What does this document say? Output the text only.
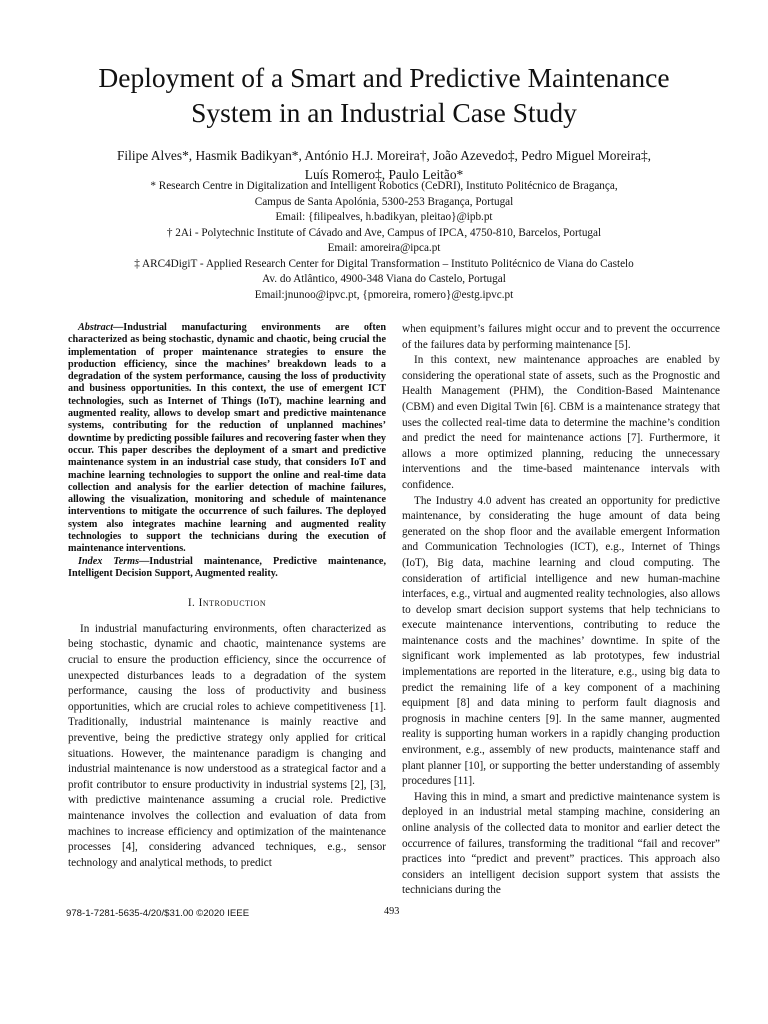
Deployment of a Smart and Predictive Maintenance
System in an Industrial Case Study
Filipe Alves*, Hasmik Badikyan*, António H.J. Moreira†, João Azevedo‡, Pedro Miguel Moreira‡,
Luís Romero‡, Paulo Leitão*
* Research Centre in Digitalization and Intelligent Robotics (CeDRI), Instituto Politécnico de Bragança,
Campus de Santa Apolónia, 5300-253 Bragança, Portugal
Email: {filipealves, h.badikyan, pleitao}@ipb.pt
† 2Ai - Polytechnic Institute of Cávado and Ave, Campus of IPCA, 4750-810, Barcelos, Portugal
Email: amoreira@ipca.pt
‡ ARC4DigiT - Applied Research Center for Digital Transformation – Instituto Politécnico de Viana do Castelo
Av. do Atlântico, 4900-348 Viana do Castelo, Portugal
Email:jnunoo@ipvc.pt, {pmoreira, romero}@estg.ipvc.pt

Abstract—Industrial manufacturing environments are often characterized as being stochastic, dynamic and chaotic, being crucial the implementation of proper maintenance strategies to ensure the production efficiency, since the machines’ breakdown leads to a degradation of the system performance, causing the loss of productivity and business opportunities. In this context, the use of emergent ICT technologies, such as Internet of Things (IoT), machine learning and augmented reality, allows to develop smart and predictive maintenance systems, contributing for the reduction of unplanned machines’ downtime by predicting possible failures and recovering faster when they occur. This paper describes the deployment of a smart and predictive maintenance system in an industrial case study, that considers IoT and machine learning technologies to support the online and real-time data collection and analysis for the earlier detection of machine failures, allowing the visualization, monitoring and schedule of maintenance interventions to mitigate the occurrence of such failures. The deployed system also integrates machine learning and augmented reality technologies to support the technicians during the execution of maintenance interventions.

Index Terms—Industrial maintenance, Predictive maintenance, Intelligent Decision Support, Augmented reality.

I. Introduction

In industrial manufacturing environments, often characterized as being stochastic, dynamic and chaotic, maintenance systems are crucial to ensure the production efficiency, since the occurrence of unexpected disturbances leads to a degradation of the system performance, causing the loss of productivity and business opportunities, which are crucial roles to achieve competitiveness [1]. Traditionally, industrial maintenance is mainly reactive and preventive, being the predictive strategy only applied for critical situations. However, the maintenance paradigm is changing and industrial maintenance is now understood as a strategical factor and a profit contributor to ensure productivity in industrial systems [2], [3], with predictive maintenance assuming a crucial role. Predictive maintenance involves the collection and evaluation of data from machines to increase efficiency and optimization of the maintenance processes [4], considering advanced techniques, e.g., sensor technology and analytical methods, to predict

when equipment’s failures might occur and to prevent the occurrence of the failures data by performing maintenance [5].

In this context, new maintenance approaches are enabled by considering the operational state of assets, such as the Prognostic and Health Management (PHM), the Condition-Based Maintenance (CBM) and even Digital Twin [6]. CBM is a maintenance strategy that uses the collected real-time data to determine the machine’s condition and predict the need for maintenance actions [7]. Furthermore, it allows a more optimized planning, reducing the unnecessary interventions and the time-based maintenance intervals with confidence.

The Industry 4.0 advent has created an opportunity for predictive maintenance, by considerating the huge amount of data being generated on the shop floor and the available emergent Information and Communication Technologies (ICT), e.g., Internet of Things (IoT), Big data, machine learning and cloud computing. The consideration of artificial intelligence and new human-machine interfaces, e.g., virtual and augmented reality technologies, also allows to develop smart decision support systems that help technicians to execute maintenance interventions, contributing to reduce the maintenance costs and the machines’ downtime. In spite of the significant work implemented as lab prototypes, few industrial implementations are reported in the literature, e.g., using big data to predict the remaining life of a key component of a machining equipment [8] and data mining to perform fault diagnosis and prognosis in machine centers [9]. In the same manner, augmented reality is supporting human workers in a rapidly changing production environment, e.g., assembly of new products, maintenance staff and plant planner [10], or supporting the better understanding of assembly procedures [11].

Having this in mind, a smart and predictive maintenance system is deployed in an industrial metal stamping machine, considering an online analysis of the collected data to monitor and earlier detect the occurrence of failures, transforming the traditional “fail and recover” practices into “predict and prevent” practices. This approach also considers an intelligent decision support system that assists the technicians during the

978-1-7281-5635-4/20/$31.00 ©2020 IEEE	493
